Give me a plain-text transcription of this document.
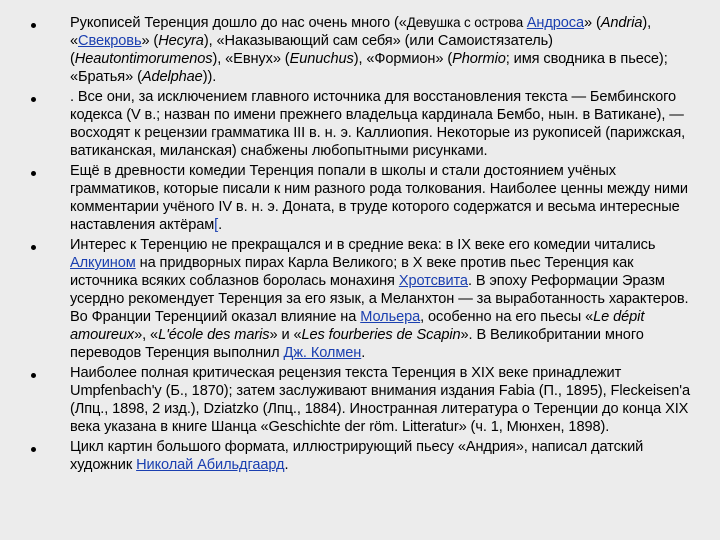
Рукописей Теренция дошло до нас очень много («Девушка с острова Андроса» (Andria), «Свекровь» (Hecyra), «Наказывающий сам себя» (или Самоистязатель) (Heautontimorumenos), «Евнух» (Eunuchus), «Формион» (Phormio; имя сводника в пьесе); «Братья» (Adelphae)).
. Все они, за исключением главного источника для восстановления текста — Бембинского кодекса (V в.; назван по имени прежнего владельца кардинала Бембо, нын. в Ватикане), — восходят к рецензии грамматика III в. н. э. Каллиопия. Некоторые из рукописей (парижская, ватиканская, миланская) снабжены любопытными рисунками.
Ещё в древности комедии Теренция попали в школы и стали достоянием учёных грамматиков, которые писали к ним разного рода толкования. Наиболее ценны между ними комментарии учёного IV в. н. э. Доната, в труде которого содержатся и весьма интересные наставления актёрам[.
Интерес к Теренцию не прекращался и в средние века: в IX веке его комедии читались Алкуином на придворных пирах Карла Великого; в X веке против пьес Теренция как источника всяких соблазнов боролась монахиня Хротсвита. В эпоху Реформации Эразм усердно рекомендует Теренция за его язык, а Меланхтон — за выработанность характеров. Во Франции Теренциий оказал влияние на Мольера, особенно на его пьесы «Le dépit amoureux», «L'école des maris» и «Les fourberies de Scapin». В Великобритании много переводов Теренция выполнил Дж. Колмен.
Наиболее полная критическая рецензия текста Теренция в XIX веке принадлежит Umpfenbach'y (Б., 1870); затем заслуживают внимания издания Fabia (П., 1895), Fleckeisen'a (Лпц., 1898, 2 изд.), Dziatzko (Лпц., 1884). Иностранная литература о Теренции до конца XIX века указана в книге Шанца «Geschichte der röm. Litteratur» (ч. 1, Мюнхен, 1898).
Цикл картин большого формата, иллюстрирующий пьесу «Андрия», написал датский художник Николай Абильдгаард.
